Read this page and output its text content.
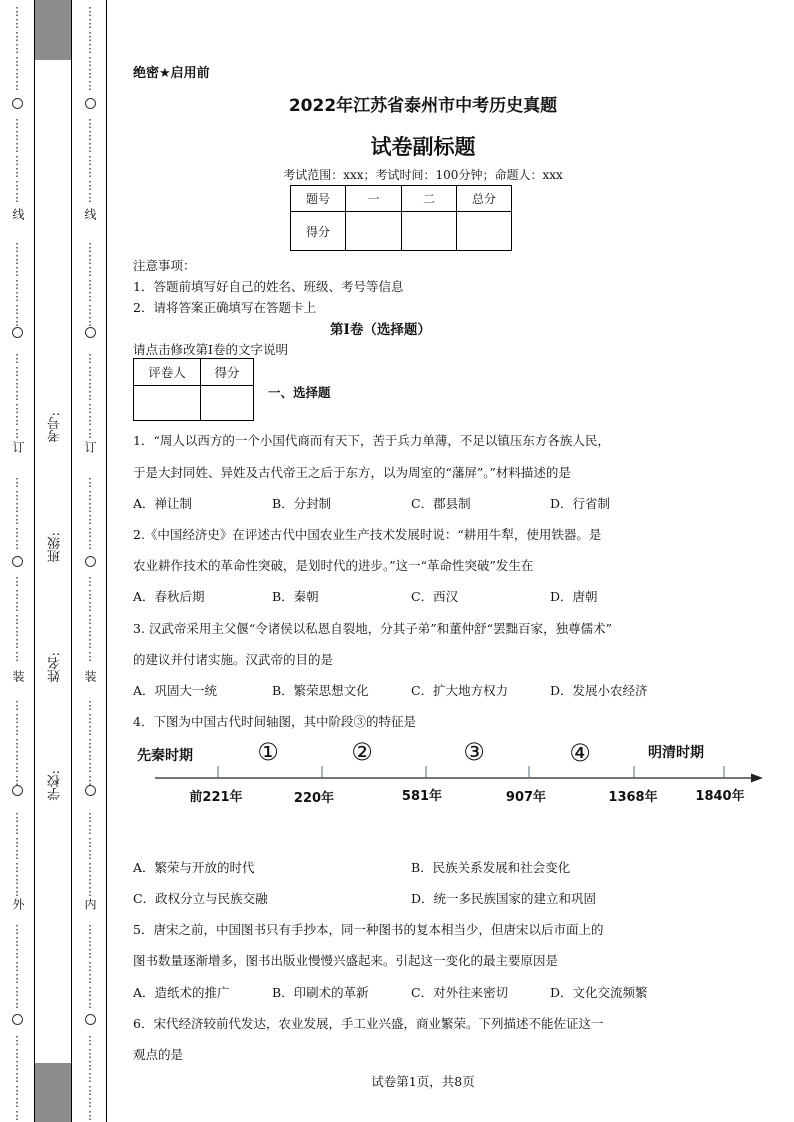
⋮
⋮
⋮
⋮
⋮
⋮
⋮
⋮
⋮
⋮
⋮
⋮
⋮
⋮
⋮
⋮
⋮
⋮
⋮
⋮
⋮
⋮
⋮
⋮
⋮
⋮
⋮
⋮
⋮
⋮
⋮
⋮
⋮
⋮
⋮
⋮
⋮
⋮
⋮
⋮
⋮
⋮
⋮
⋮
⋮
⋮
⋮
⋮
⋮
⋮
⋮
⋮
⋮
⋮
⋮
⋮
⋮
⋮
⋮
⋮
⋮
⋮
⋮
⋮
⋮
⋮
⋮
⋮
⋮
⋮
⋮
⋮
⋮
⋮
⋮
⋮
⋮
⋮
⋮
⋮
⋮
⋮
⋮
⋮
⋮
⋮
⋮
⋮
⋮
⋮
⋮
⋮
⋮
⋮
⋮
⋮
⋮
⋮
⋮
⋮
⋮
⋮
⋮
⋮
⋮
⋮
⋮
⋮
⋮
⋮
⋮
⋮
⋮
⋮
⋮
⋮
⋮
⋮
⋮
⋮
⋮
⋮
⋮
⋮
⋮
⋮
⋮
⋮
⋮
⋮
⋮
⋮
⋮
⋮
⋮
⋮
⋮
⋮
线
订
装
外
线
订
装
内
考号:
班级:
姓名:
学校:
绝密★启用前
2022年江苏省泰州市中考历史真题
试卷副标题
考试范围：xxx；考试时间：100分钟；命题人：xxx
题号	一	二	总分
得分			
注意事项：
1．答题前填写好自己的姓名、班级、考号等信息
2．请将答案正确填写在答题卡上
第I卷（选择题）
请点击修改第I卷的文字说明
评卷人	得分

一、选择题
1．“周人以西方的一个小国代商而有天下，苦于兵力单薄，不足以镇压东方各族人民，
于是大封同姓、异姓及古代帝王之后于东方，以为周室的“藩屏”。”材料描述的是
A．禅让制	B．分封制	C．郡县制	D．行省制
2.《中国经济史》在评述古代中国农业生产技术发展时说：“耕用牛犁，使用铁器。是
农业耕作技术的革命性突破，是划时代的进步。”这一“革命性突破”发生在
A．春秋后期	B．秦朝	C．西汉	D．唐朝
3. 汉武帝采用主父偃“令诸侯以私恩自裂地，分其子弟”和董仲舒“罢黜百家，独尊儒术”
的建议并付诸实施。汉武帝的目的是
A．巩固大一统	B．繁荣思想文化	C．扩大地方权力	D．发展小农经济
4．下图为中国古代时间轴图，其中阶段③的特征是
先秦时期	明清时期
①	②	③	④
前221年	220年	581年	907年	1368年	1840年
A．繁荣与开放的时代	B．民族关系发展和社会变化
C．政权分立与民族交融	D．统一多民族国家的建立和巩固
5．唐宋之前，中国图书只有手抄本，同一种图书的复本相当少，但唐宋以后市面上的
图书数量逐渐增多，图书出版业慢慢兴盛起来。引起这一变化的最主要原因是
A．造纸术的推广	B．印刷术的革新	C．对外往来密切	D．文化交流频繁
6．宋代经济较前代发达，农业发展，手工业兴盛，商业繁荣。下列描述不能佐证这一
观点的是
试卷第1页，共8页
